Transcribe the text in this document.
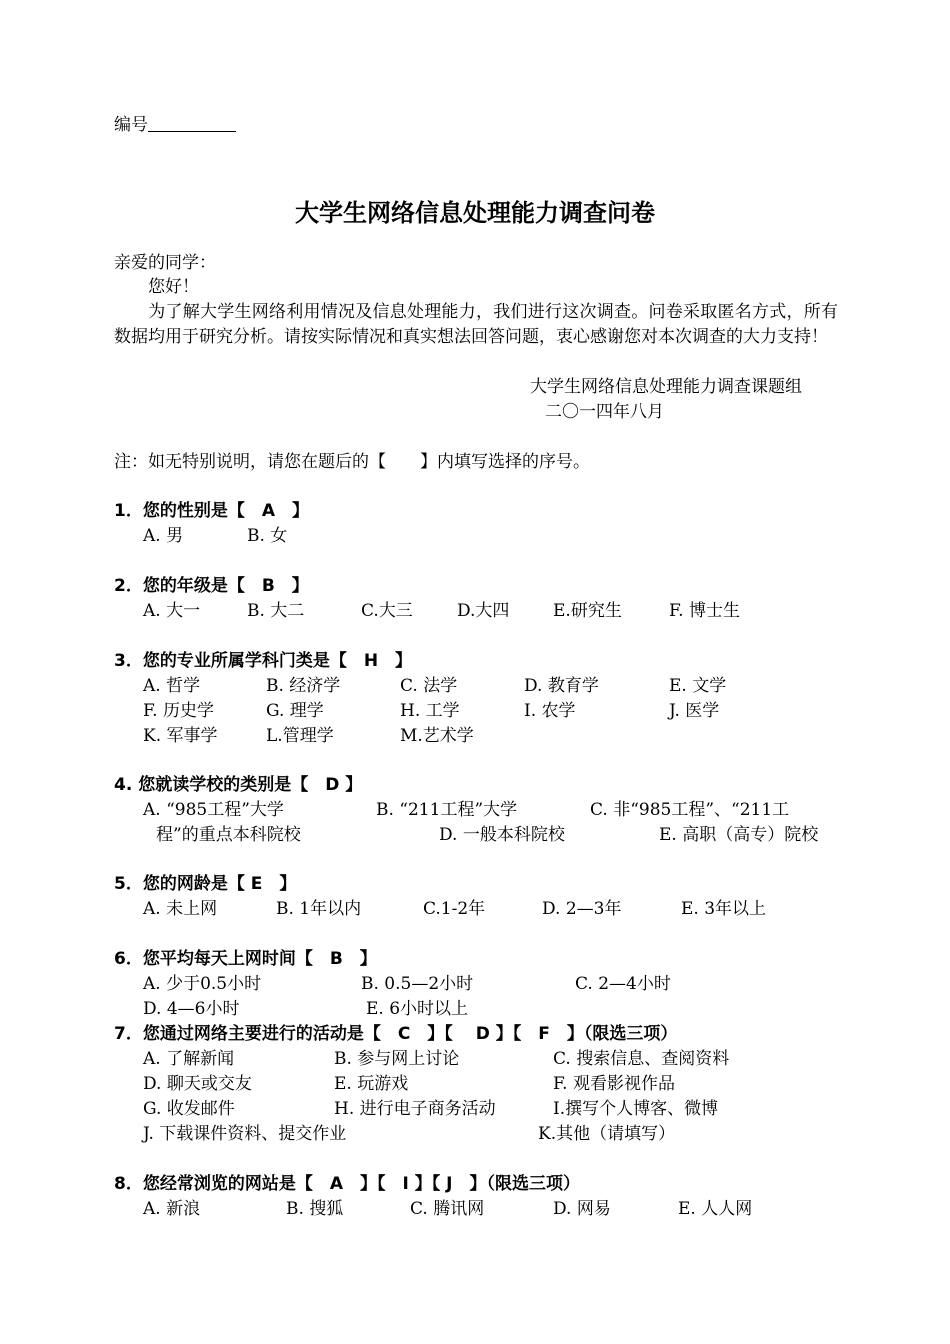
编号
大学生网络信息处理能力调查问卷
亲爱的同学：
您好！
为了解大学生网络利用情况及信息处理能力，我们进行这次调查。问卷采取匿名方式，所有数据均用于研究分析。请按实际情况和真实想法回答问题，衷心感谢您对本次调查的大力支持！
大学生网络信息处理能力调查课题组
二〇一四年八月
注：如无特别说明，请您在题后的【　　】内填写选择的序号。
1．您的性别是【　A　】
A. 男	B. 女
2．您的年级是【　B　】
A. 大一	B. 大二	C.大三	D.大四	E.研究生	F. 博士生
3．您的专业所属学科门类是【　H　】
A. 哲学	B. 经济学	C. 法学	D. 教育学	E. 文学
F. 历史学	G. 理学	H. 工学	I. 农学	J. 医学
K. 军事学	L.管理学	M.艺术学
4. 您就读学校的类别是【　D 】
A. “985工程”大学	B. “211工程”大学	C. 非“985工程”、“211工
程”的重点本科院校	D. 一般本科院校	E. 高职（高专）院校
5．您的网龄是【 E　】
A. 未上网	B. 1年以内	C.1-2年	D. 2—3年	E. 3年以上
6．您平均每天上网时间【　B　】
A. 少于0.5小时	B. 0.5—2小时	C. 2—4小时
D. 4—6小时	E. 6小时以上
7．您通过网络主要进行的活动是【　C　】【　 D 】【　F　】（限选三项）
A. 了解新闻	B. 参与网上讨论	C. 搜索信息、查阅资料
D. 聊天或交友	E. 玩游戏	F. 观看影视作品
G. 收发邮件	H. 进行电子商务活动	I.撰写个人博客、微博
J. 下载课件资料、提交作业	K.其他（请填写）
8．您经常浏览的网站是【　A　】【　I 】【 J　】（限选三项）
A. 新浪	B. 搜狐	C. 腾讯网	D. 网易	E. 人人网
